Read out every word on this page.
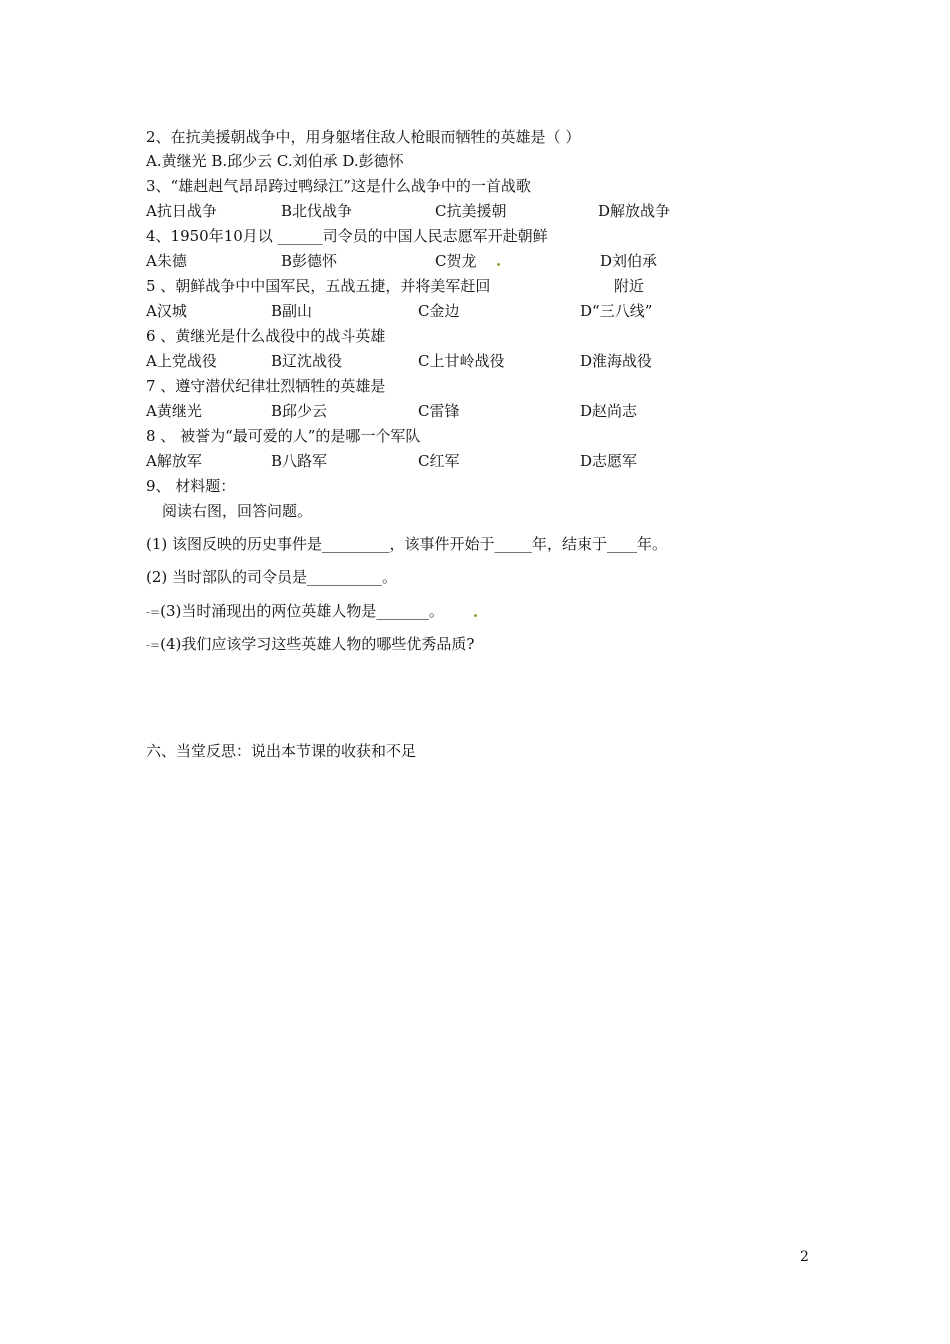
2、在抗美援朝战争中，用身躯堵住敌人枪眼而牺牲的英雄是（ ）
A.黄继光 B.邱少云 C.刘伯承 D.彭德怀
3、“雄赳赳气昂昂跨过鸭绿江”这是什么战争中的一首战歌
A抗日战争	B北伐战争	C抗美援朝	D解放战争
4、1950年10月以 ______司令员的中国人民志愿军开赴朝鲜
A朱德	B彭德怀	C贺龙	D刘伯承
5 、朝鲜战争中中国军民，五战五捷，并将美军赶回	附近
A汉城	B副山	C金边	D“三八线”
6 、黄继光是什么战役中的战斗英雄
A上党战役	B辽沈战役	C上甘岭战役	D淮海战役
7 、遵守潜伏纪律壮烈牺牲的英雄是
A黄继光	B邱少云	C雷锋	D赵尚志
8 、 被誉为“最可爱的人”的是哪一个军队
A解放军	B八路军	C红军	D志愿军
9、 材料题：
阅读右图，回答问题。
(1) 该图反映的历史事件是_________，该事件开始于_____年，结束于____年。
(2) 当时部队的司令员是__________。
-=(3)当时涌现出的两位英雄人物是_______。
-=(4)我们应该学习这些英雄人物的哪些优秀品质?
六、当堂反思：说出本节课的收获和不足
2
